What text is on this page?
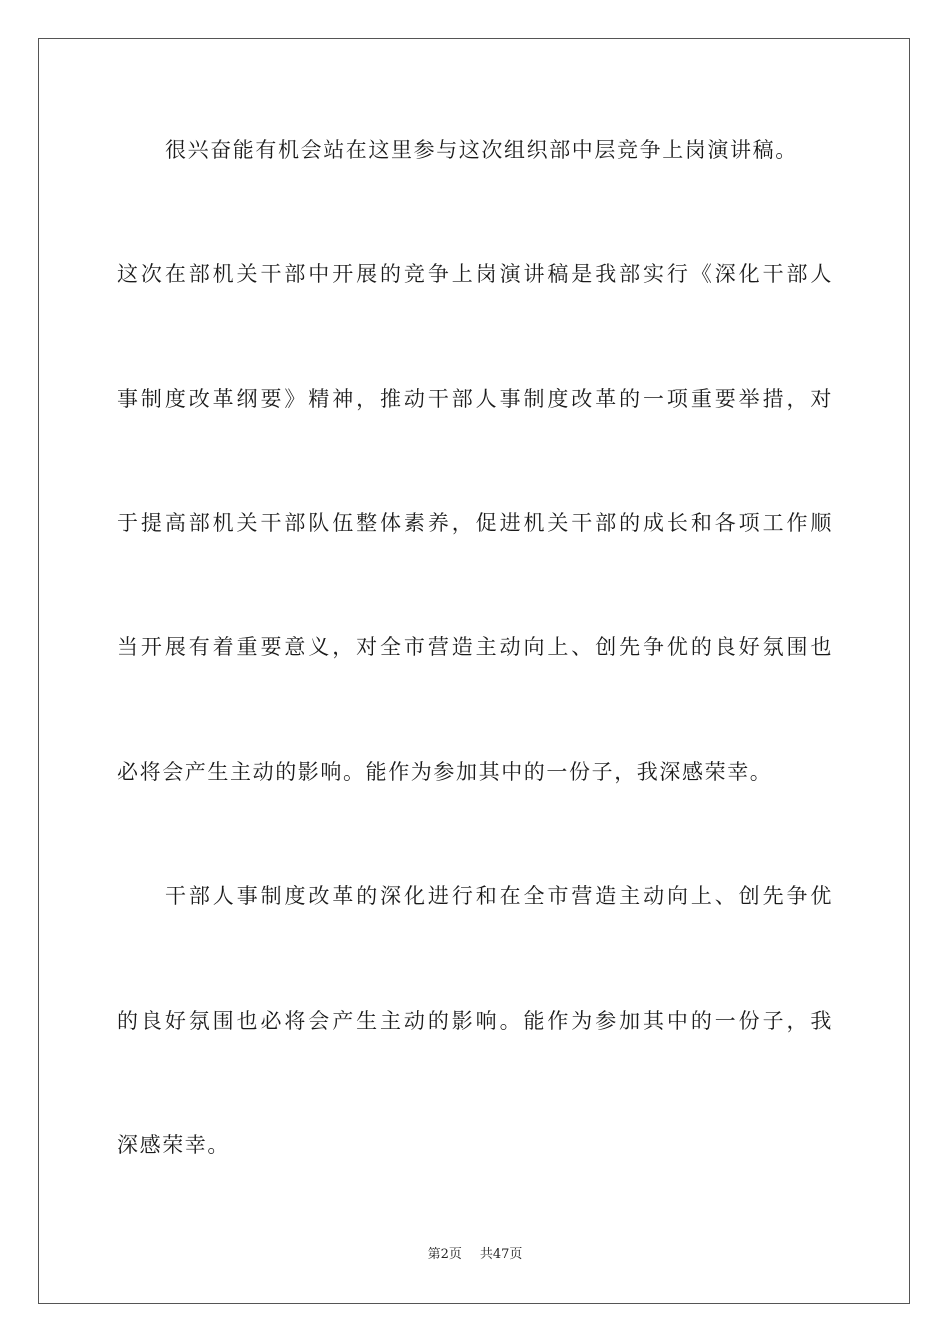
很兴奋能有机会站在这里参与这次组织部中层竞争上岗演讲稿。
这次在部机关干部中开展的竞争上岗演讲稿是我部实行《深化干部人
事制度改革纲要》精神，推动干部人事制度改革的一项重要举措，对
于提高部机关干部队伍整体素养，促进机关干部的成长和各项工作顺
当开展有着重要意义，对全市营造主动向上、创先争优的良好氛围也
必将会产生主动的影响。能作为参加其中的一份子，我深感荣幸。
干部人事制度改革的深化进行和在全市营造主动向上、创先争优
的良好氛围也必将会产生主动的影响。能作为参加其中的一份子，我
深感荣幸。
第2页 共47页
